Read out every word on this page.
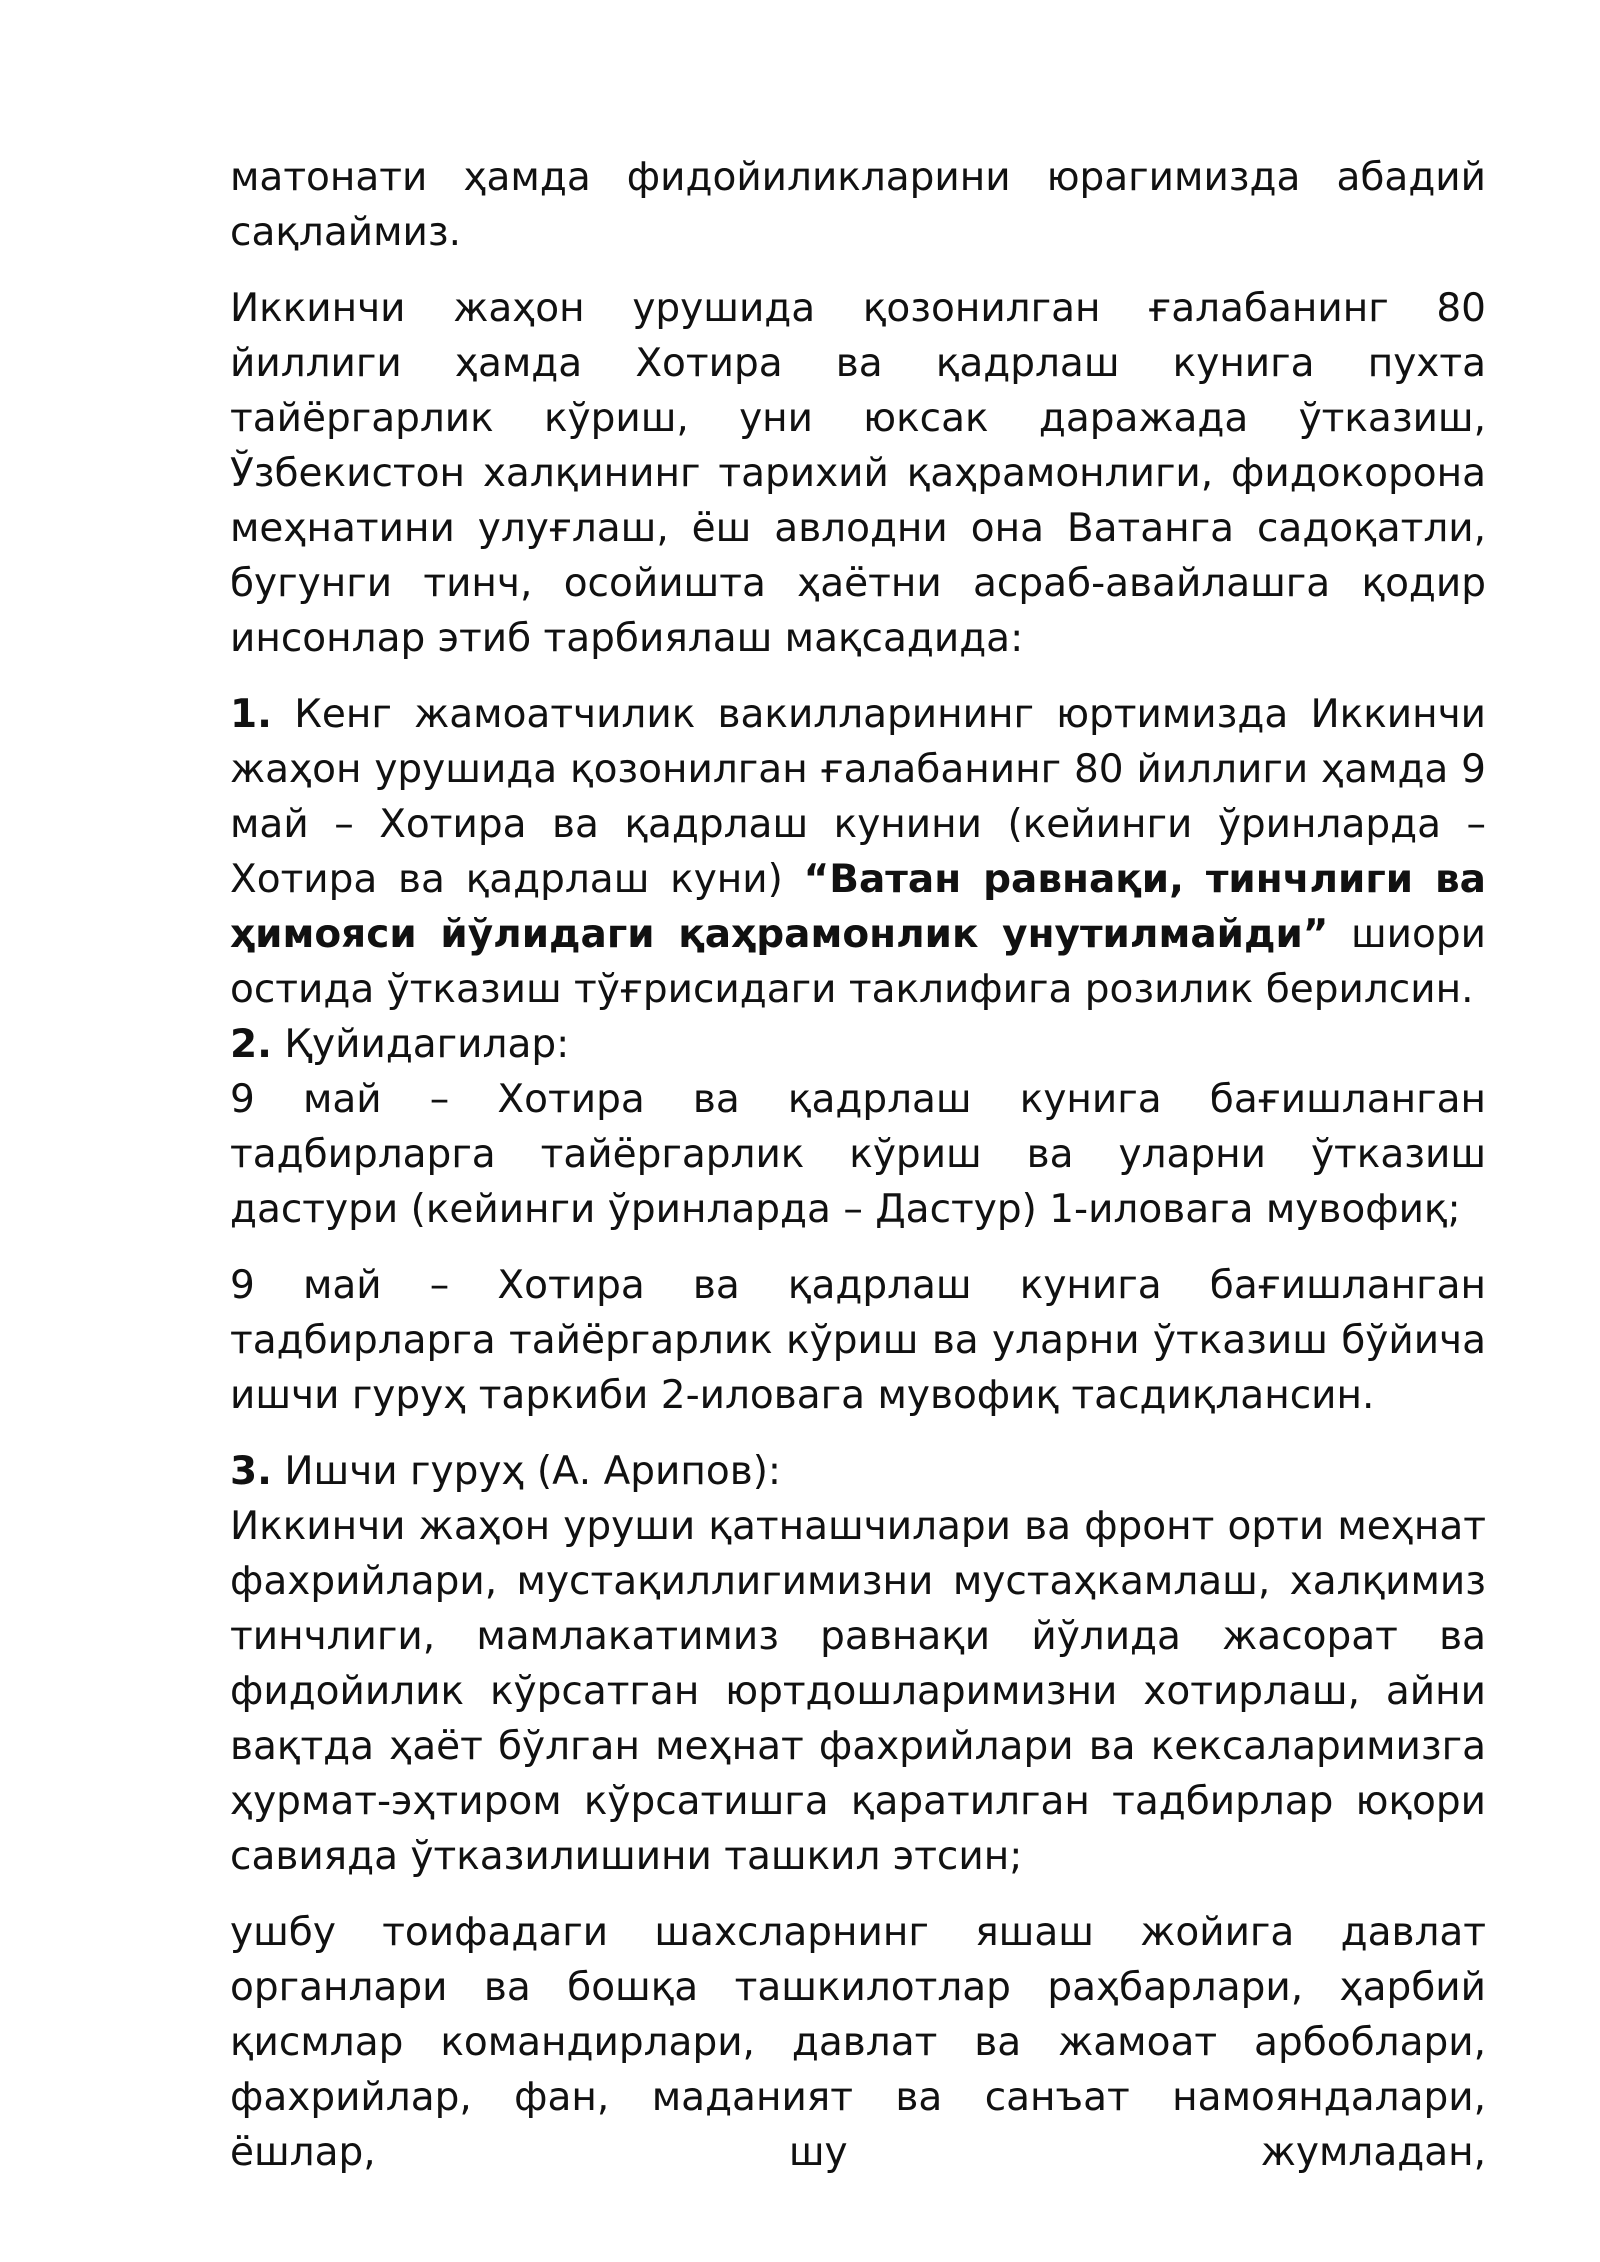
матонати ҳамда фидойиликларини юрагимизда абадий сақлаймиз.

Иккинчи жаҳон урушида қозонилган ғалабанинг 80 йиллиги ҳамда Хотира ва қадрлаш кунига пухта тайёргарлик кўриш, уни юксак даражада ўтказиш, Ўзбекистон халқининг тарихий қаҳрамонлиги, фидокорона меҳнатини улуғлаш, ёш авлодни она Ватанга садоқатли, бугунги тинч, осойишта ҳаётни асраб-авайлашга қодир инсонлар этиб тарбиялаш мақсадида:

1. Кенг жамоатчилик вакилларининг юртимизда Иккинчи жаҳон урушида қозонилган ғалабанинг 80 йиллиги ҳамда 9 май – Хотира ва қадрлаш кунини (кейинги ўринларда – Хотира ва қадрлаш куни) “Ватан равнақи, тинчлиги ва ҳимояси йўлидаги қаҳрамонлик унутилмайди” шиори остида ўтказиш тўғрисидаги таклифига розилик берилсин.

2. Қуйидагилар:

9 май – Хотира ва қадрлаш кунига бағишланган тадбирларга тайёргарлик кўриш ва уларни ўтказиш дастури (кейинги ўринларда – Дастур) 1-иловага мувофиқ;

9 май – Хотира ва қадрлаш кунига бағишланган тадбирларга тайёргарлик кўриш ва уларни ўтказиш бўйича ишчи гуруҳ таркиби 2-иловага мувофиқ тасдиқлансин.

3. Ишчи гуруҳ (А. Арипов):

Иккинчи жаҳон уруши қатнашчилари ва фронт орти меҳнат фахрийлари, мустақиллигимизни мустаҳкамлаш, халқимиз тинчлиги, мамлакатимиз равнақи йўлида жасорат ва фидойилик кўрсатган юртдошларимизни хотирлаш, айни вақтда ҳаёт бўлган меҳнат фахрийлари ва кексаларимизга ҳурмат-эҳтиром кўрсатишга қаратилган тадбирлар юқори савияда ўтказилишини ташкил этсин;

ушбу тоифадаги шахсларнинг яшаш жойига давлат органлари ва бошқа ташкилотлар раҳбарлари, ҳарбий қисмлар командирлари, давлат ва жамоат арбоблари, фахрийлар, фан, маданият ва санъат намояндалари, ёшлар, шу жумладан,
